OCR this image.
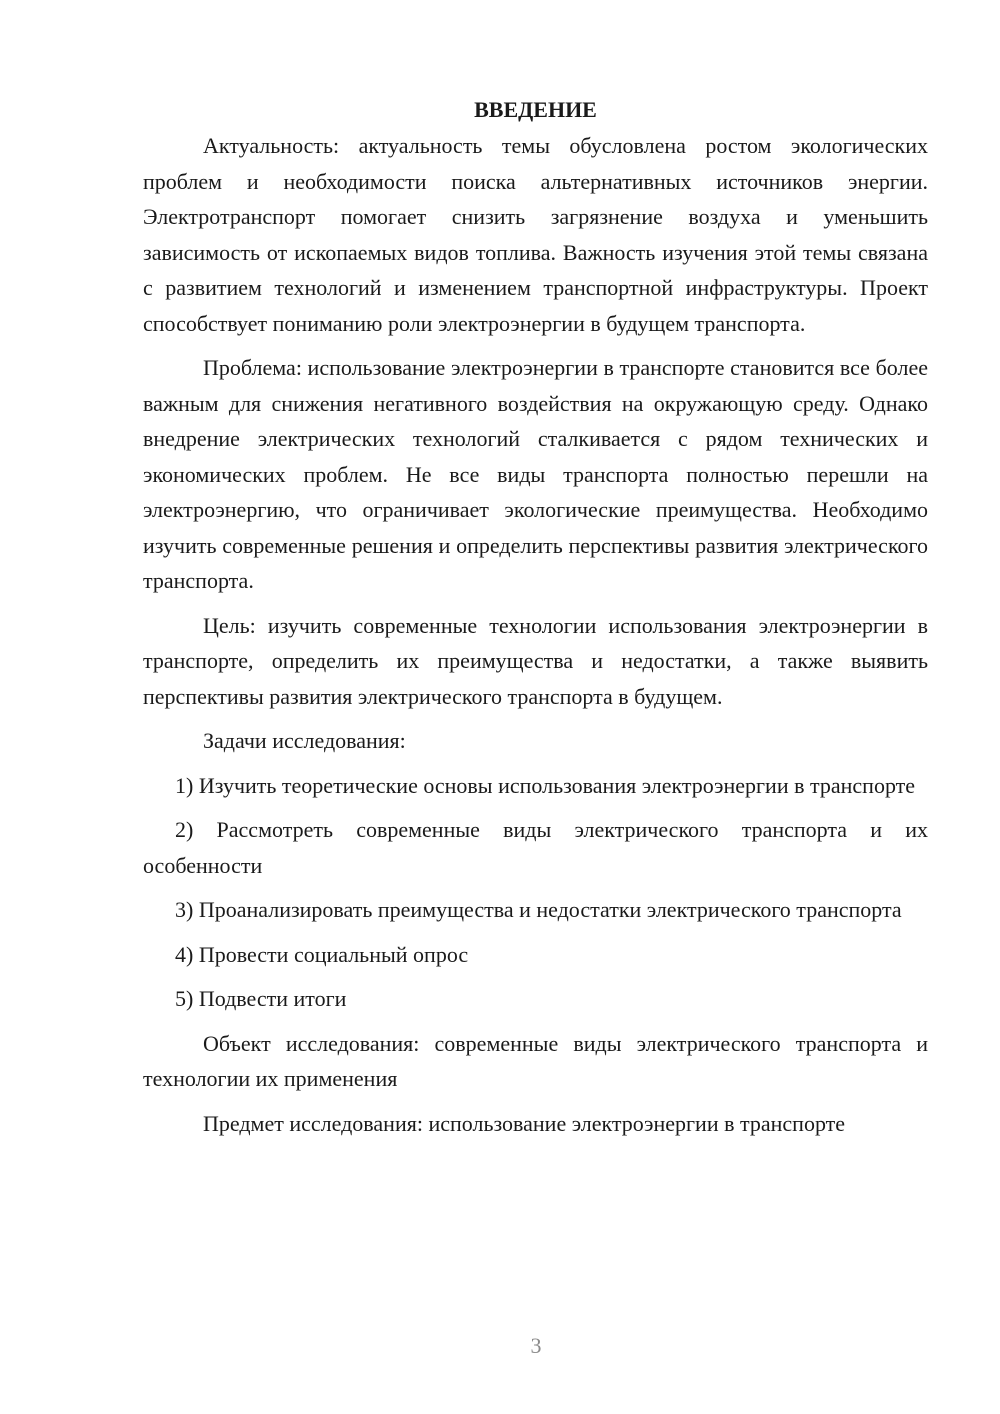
ВВЕДЕНИЕ

Актуальность: актуальность темы обусловлена ростом экологических проблем и необходимости поиска альтернативных источников энергии. Электротранспорт помогает снизить загрязнение воздуха и уменьшить зависимость от ископаемых видов топлива. Важность изучения этой темы связана с развитием технологий и изменением транспортной инфраструктуры. Проект способствует пониманию роли электроэнергии в будущем транспорта.

Проблема: использование электроэнергии в транспорте становится все более важным для снижения негативного воздействия на окружающую среду. Однако внедрение электрических технологий сталкивается с рядом технических и экономических проблем. Не все виды транспорта полностью перешли на электроэнергию, что ограничивает экологические преимущества. Необходимо изучить современные решения и определить перспективы развития электрического транспорта.

Цель: изучить современные технологии использования электроэнергии в транспорте, определить их преимущества и недостатки, а также выявить перспективы развития электрического транспорта в будущем.

Задачи исследования:

1) Изучить теоретические основы использования электроэнергии в транспорте

2) Рассмотреть современные виды электрического транспорта и их особенности

3) Проанализировать преимущества и недостатки электрического транспорта

4) Провести социальный опрос

5) Подвести итоги

Объект исследования: современные виды электрического транспорта и технологии их применения

Предмет исследования: использование электроэнергии в транспорте

3
